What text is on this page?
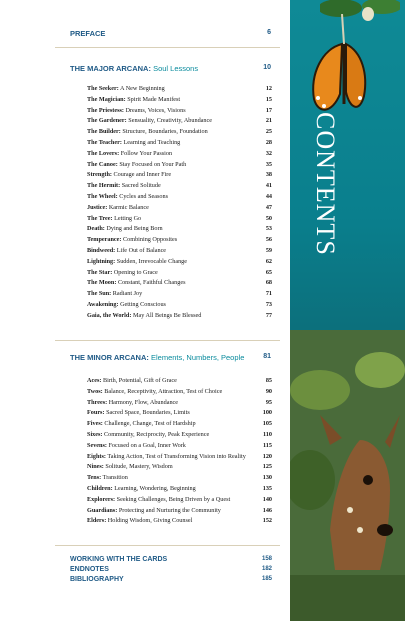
PREFACE	6
THE MAJOR ARCANA: Soul Lessons	10
The Seeker: A New Beginning	12
The Magician: Spirit Made Manifest	15
The Priestess: Dreams, Voices, Visions	17
The Gardener: Sensuality, Creativity, Abundance	21
The Builder: Structure, Boundaries, Foundation	25
The Teacher: Learning and Teaching	28
The Lovers: Follow Your Passion	32
The Canoe: Stay Focused on Your Path	35
Strength: Courage and Inner Fire	38
The Hermit: Sacred Solitude	41
The Wheel: Cycles and Seasons	44
Justice: Karmic Balance	47
The Tree: Letting Go	50
Death: Dying and Being Born	53
Temperance: Combining Opposites	56
Bindweed: Life Out of Balance	59
Lightning: Sudden, Irrevocable Change	62
The Star: Opening to Grace	65
The Moon: Constant, Faithful Changes	68
The Sun: Radiant Joy	71
Awakening: Getting Conscious	73
Gaia, the World: May All Beings Be Blessed	77
THE MINOR ARCANA: Elements, Numbers, People	81
Aces: Birth, Potential, Gift of Grace	85
Twos: Balance, Receptivity, Attraction, Test of Choice	90
Threes: Harmony, Flow, Abundance	95
Fours: Sacred Space, Boundaries, Limits	100
Fives: Challenge, Change, Test of Hardship	105
Sixes: Community, Reciprocity, Peak Experience	110
Sevens: Focused on a Goal, Inner Work	115
Eights: Taking Action, Test of Transforming Vision into Reality	120
Nines: Solitude, Mastery, Wisdom	125
Tens: Transition	130
Children: Learning, Wondering, Beginning	135
Explorers: Seeking Challenges, Being Driven by a Quest	140
Guardians: Protecting and Nurturing the Community	146
Elders: Holding Wisdom, Giving Counsel	152
WORKING WITH THE CARDS	158
ENDNOTES	182
BIBLIOGRAPHY	185
CONTENTS
